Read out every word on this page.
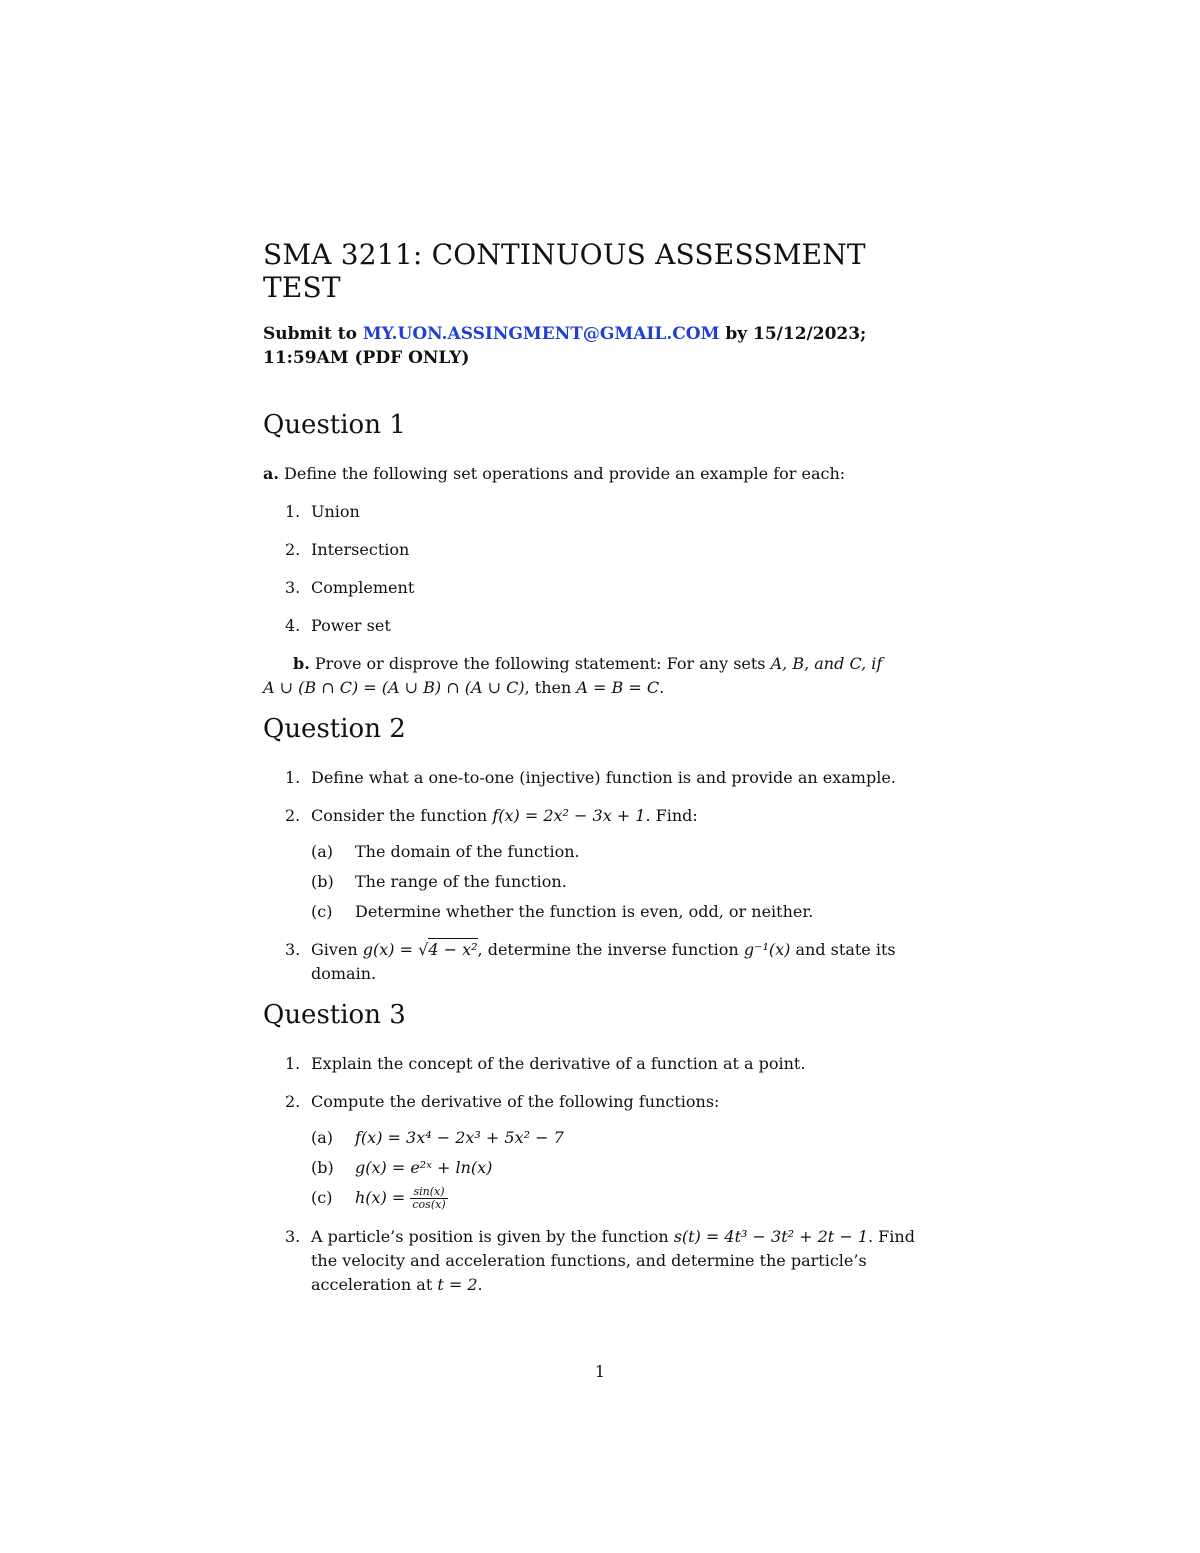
SMA 3211: CONTINUOUS ASSESSMENT TEST

Submit to MY.UON.ASSINGMENT@GMAIL.COM by 15/12/2023;
11:59AM (PDF ONLY)

Question 1

a. Define the following set operations and provide an example for each:

1. Union
2. Intersection
3. Complement
4. Power set

b. Prove or disprove the following statement: For any sets A, B, and C, if
A ∪ (B ∩ C) = (A ∪ B) ∩ (A ∪ C), then A = B = C.

Question 2
1. Define what a one-to-one (injective) function is and provide an example.
2. Consider the function f(x) = 2x² − 3x + 1. Find:
(a) The domain of the function.
(b) The range of the function.
(c) Determine whether the function is even, odd, or neither.
3. Given g(x) = √4 − x², determine the inverse function g⁻¹(x) and state its domain.
Question 3
1. Explain the concept of the derivative of a function at a point.
2. Compute the derivative of the following functions:
(a) f(x) = 3x⁴ − 2x³ + 5x² − 7
(b) g(x) = e²ˣ + ln(x)
(c) $h(x) = \frac{\sin(x)}{\cos(x)}$
3. A particle’s position is given by the function s(t) = 4t³ − 3t² + 2t − 1. Find the velocity and acceleration functions, and determine the particle’s acceleration at t = 2.
1
